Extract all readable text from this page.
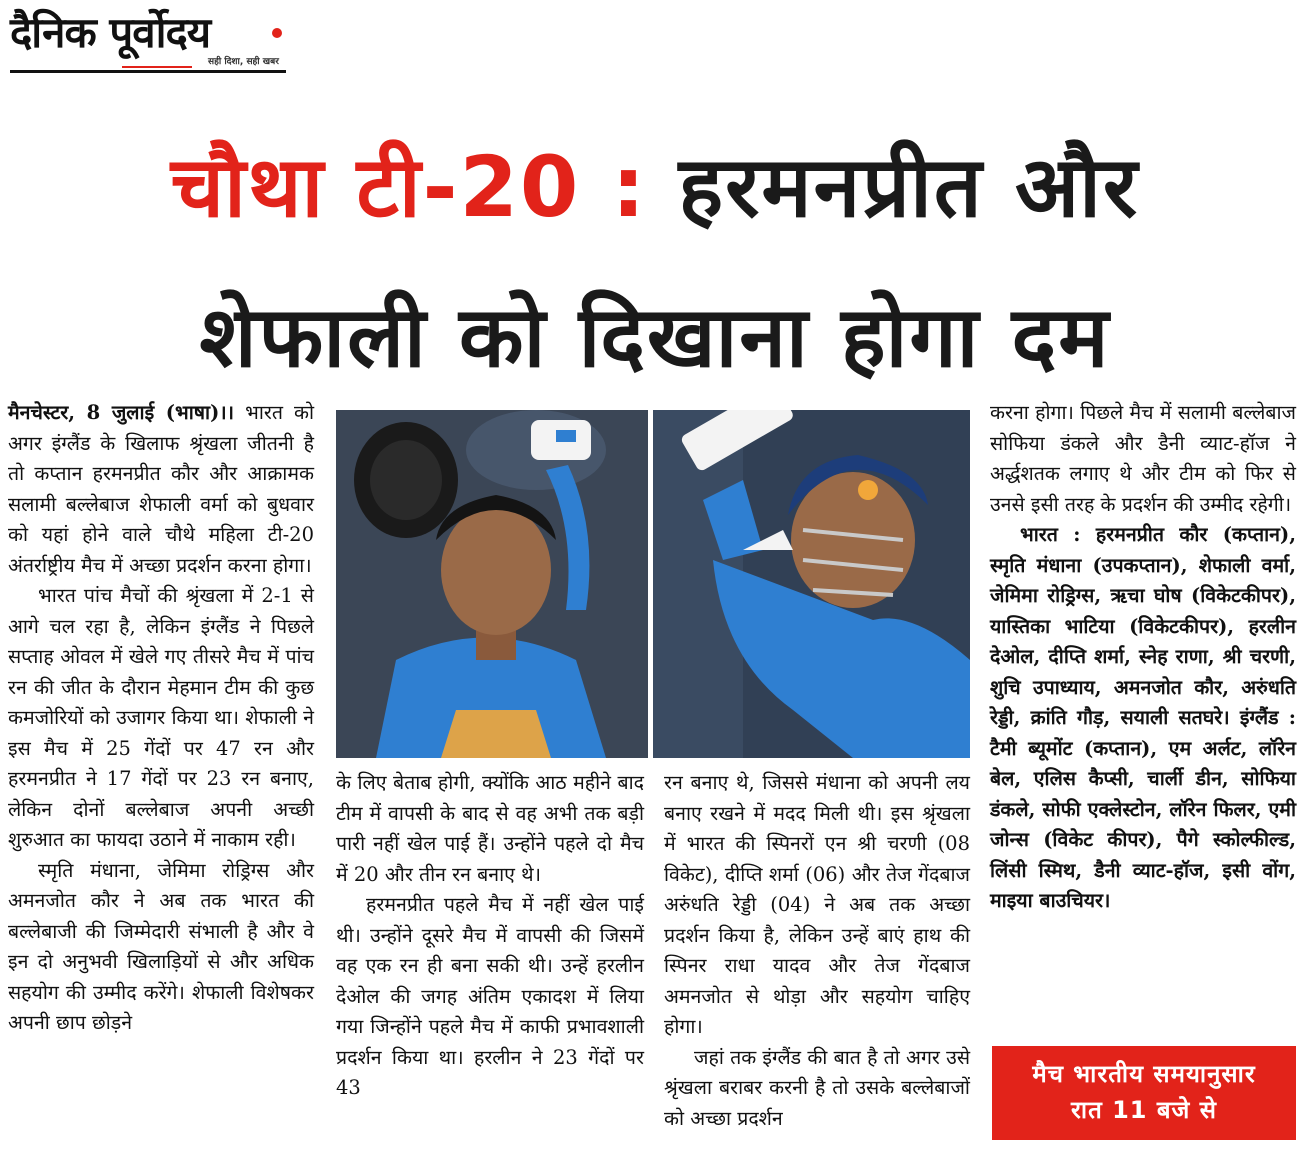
दैनिक पूर्वोदय
सही दिशा, सही खबर
चौथा टी-20 : हरमनप्रीत और
शेफाली को दिखाना होगा दम

मैनचेस्टर, 8 जुलाई (भाषा)।। भारत को अगर इंग्लैंड के खिलाफ श्रृंखला जीतनी है तो कप्तान हरमनप्रीत कौर और आक्रामक सलामी बल्लेबाज शेफाली वर्मा को बुधवार को यहां होने वाले चौथे महिला टी-20 अंतर्राष्ट्रीय मैच में अच्छा प्रदर्शन करना होगा।

भारत पांच मैचों की श्रृंखला में 2-1 से आगे चल रहा है, लेकिन इंग्लैंड ने पिछले सप्ताह ओवल में खेले गए तीसरे मैच में पांच रन की जीत के दौरान मेहमान टीम की कुछ कमजोरियों को उजागर किया था। शेफाली ने इस मैच में 25 गेंदों पर 47 रन और हरमनप्रीत ने 17 गेंदों पर 23 रन बनाए, लेकिन दोनों बल्लेबाज अपनी अच्छी शुरुआत का फायदा उठाने में नाकाम रही।

स्मृति मंधाना, जेमिमा रोड्रिग्स और अमनजोत कौर ने अब तक भारत की बल्लेबाजी की जिम्मेदारी संभाली है और वे इन दो अनुभवी खिलाड़ियों से और अधिक सहयोग की उम्मीद करेंगे। शेफाली विशेषकर अपनी छाप छोड़ने

के लिए बेताब होगी, क्योंकि आठ महीने बाद टीम में वापसी के बाद से वह अभी तक बड़ी पारी नहीं खेल पाई हैं। उन्होंने पहले दो मैच में 20 और तीन रन बनाए थे।

हरमनप्रीत पहले मैच में नहीं खेल पाई थी। उन्होंने दूसरे मैच में वापसी की जिसमें वह एक रन ही बना सकी थी। उन्हें हरलीन देओल की जगह अंतिम एकादश में लिया गया जिन्होंने पहले मैच में काफी प्रभावशाली प्रदर्शन किया था। हरलीन ने 23 गेंदों पर 43

रन बनाए थे, जिससे मंधाना को अपनी लय बनाए रखने में मदद मिली थी। इस श्रृंखला में भारत की स्पिनरों एन श्री चरणी (08 विकेट), दीप्ति शर्मा (06) और तेज गेंदबाज अरुंधति रेड्डी (04) ने अब तक अच्छा प्रदर्शन किया है, लेकिन उन्हें बाएं हाथ की स्पिनर राधा यादव और तेज गेंदबाज अमनजोत से थोड़ा और सहयोग चाहिए होगा।

जहां तक इंग्लैंड की बात है तो अगर उसे श्रृंखला बराबर करनी है तो उसके बल्लेबाजों को अच्छा प्रदर्शन

करना होगा। पिछले मैच में सलामी बल्लेबाज सोफिया डंकले और डैनी व्याट-हॉज ने अर्द्धशतक लगाए थे और टीम को फिर से उनसे इसी तरह के प्रदर्शन की उम्मीद रहेगी।

भारत : हरमनप्रीत कौर (कप्तान), स्मृति मंधाना (उपकप्तान), शेफाली वर्मा, जेमिमा रोड्रिग्स, ऋचा घोष (विकेटकीपर), यास्तिका भाटिया (विकेटकीपर), हरलीन देओल, दीप्ति शर्मा, स्नेह राणा, श्री चरणी, शुचि उपाध्याय, अमनजोत कौर, अरुंधति रेड्डी, क्रांति गौड़, सयाली सतघरे। इंग्लैंड : टैमी ब्यूमोंट (कप्तान), एम अर्लट, लॉरेन बेल, एलिस कैप्सी, चार्ली डीन, सोफिया डंकले, सोफी एक्लेस्टोन, लॉरेन फिलर, एमी जोन्स (विकेट कीपर), पैगे स्कोल्फील्ड, लिंसी स्मिथ, डैनी व्याट-हॉज, इसी वोंग, माइया बाउचियर।

मैच भारतीय समयानुसार
रात 11 बजे से
